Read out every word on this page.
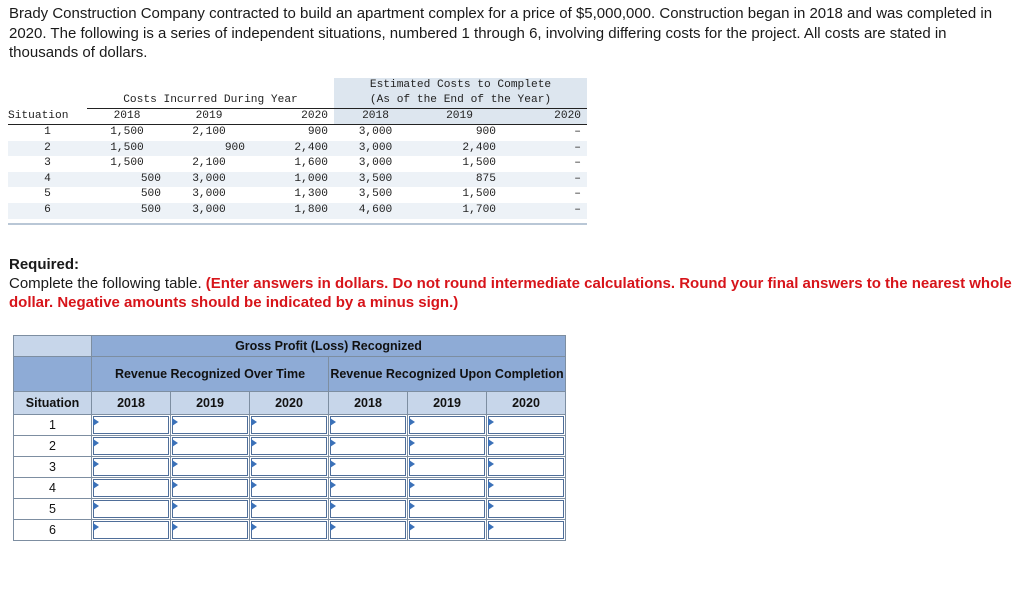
Brady Construction Company contracted to build an apartment complex for a price of $5,000,000. Construction began in 2018 and was completed in 2020. The following is a series of independent situations, numbered 1 through 6, involving differing costs for the project. All costs are stated in thousands of dollars.
				Estimated Costs to Complete		
	Costs Incurred During Year			(As of the End of the Year)		
Situation	2018	2019	2020	2018	2019	2020
1	1,500	2,100	900	3,000	900	–
2	1,500	900	2,400	3,000	2,400	–
3	1,500	2,100	1,600	3,000	1,500	–
4	500	3,000	1,000	3,500	875	–
5	500	3,000	1,300	3,500	1,500	–
6	500	3,000	1,800	4,600	1,700	–

Required:
Complete the following table. (Enter answers in dollars. Do not round intermediate calculations. Round your final answers to the nearest whole dollar. Negative amounts should be indicated by a minus sign.)
	Gross Profit (Loss) Recognized					
	Revenue Recognized Over Time			Revenue Recognized Upon Completion		
Situation	2018	2019	2020	2018	2019	2020
1	

2	

3	

4	

5	

6	
